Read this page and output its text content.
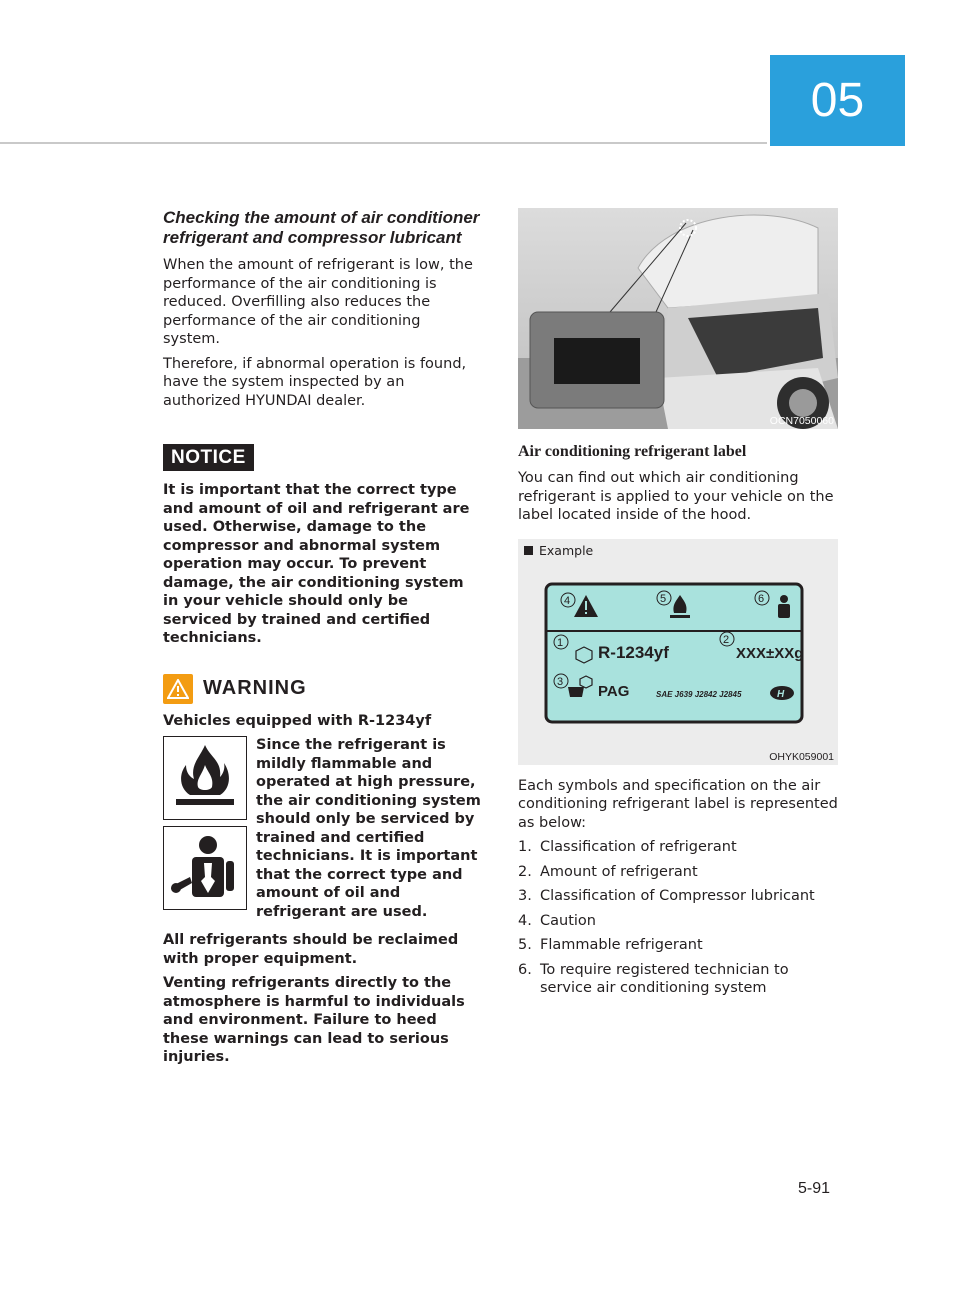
05
Checking the amount of air conditioner refrigerant and compressor lubricant

When the amount of refrigerant is low, the performance of the air conditioning is reduced. Overfilling also reduces the performance of the air conditioning system.

Therefore, if abnormal operation is found, have the system inspected by an authorized HYUNDAI dealer.

NOTICE

It is important that the correct type and amount of oil and refrigerant are used. Otherwise, damage to the compressor and abnormal system operation may occur. To prevent damage, the air conditioning system in your vehicle should only be serviced by trained and certified technicians.

WARNING

Vehicles equipped with R-1234yf

Since the refrigerant is mildly flammable and operated at high pressure, the air conditioning system should only be serviced by trained and certified technicians. It is important that the correct type and amount of oil and refrigerant are used.

All refrigerants should be reclaimed with proper equipment.

Venting refrigerants directly to the atmosphere is harmful to individuals and environment. Failure to heed these warnings can lead to serious injuries.

OCN7050060
Air conditioning refrigerant label

You can find out which air conditioning refrigerant is applied to your vehicle on the label located inside of the hood.

Example
4	5	6
1 R-1234yf
2
XXX±XXg
3
PAG	SAE J639 J2842 J2845	H
OHYK059001

Each symbols and specification on the air conditioning refrigerant label is represented as below:

1. Classification of refrigerant
2. Amount of refrigerant
3. Classification of Compressor lubricant
4. Caution
5. Flammable refrigerant
6. To require registered technician to service air conditioning system
5-91
